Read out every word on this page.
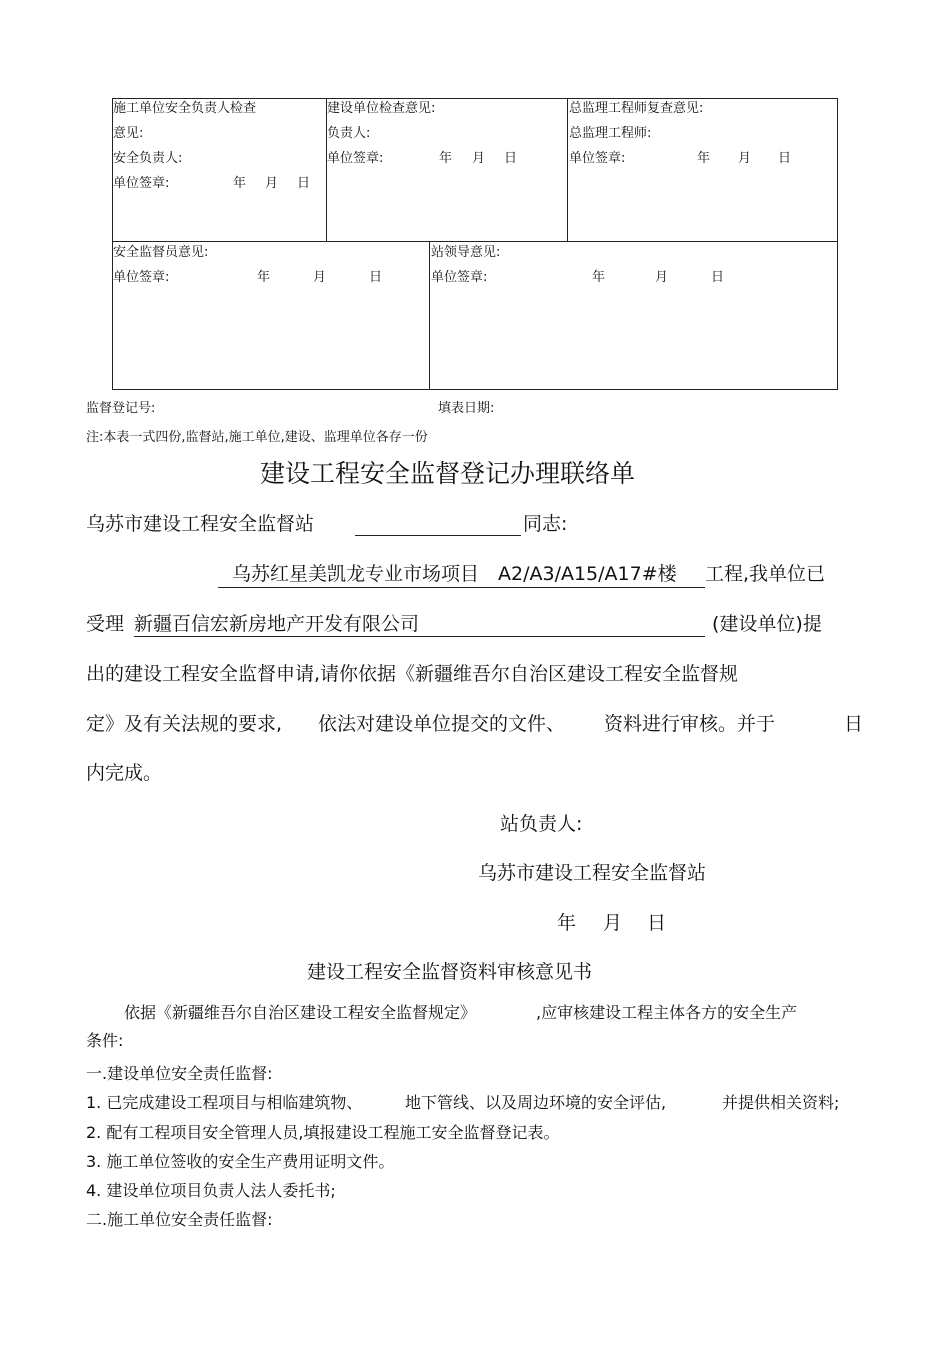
施工单位安全负责人检查
意见:
安全负责人:
单位签章:	年 月 日
建设单位检查意见:
负责人:
单位签章:	年 月 日
总监理工程师复查意见:
总监理工程师:
单位签章:	年 月 日
安全监督员意见:
单位签章:	年	月	日
站领导意见:
单位签章:	年	月	日
监督登记号:	填表日期:
注:本表一式四份,监督站,施工单位,建设、监理单位各存一份
建设工程安全监督登记办理联络单
乌苏市建设工程安全监督站	同志:
乌苏红星美凯龙专业市场项目　A2/A3/A15/A17#楼 工程,我单位已
受理 新疆百信宏新房地产开发有限公司	(建设单位)提
出的建设工程安全监督申请,请你依据《新疆维吾尔自治区建设工程安全监督规
定》及有关法规的要求, 依法对建设单位提交的文件、 资料进行审核。并于	日
内完成。
站负责人:
乌苏市建设工程安全监督站
年 月 日
建设工程安全监督资料审核意见书
依据《新疆维吾尔自治区建设工程安全监督规定》	,应审核建设工程主体各方的安全生产
条件:
一.建设单位安全责任监督:
1. 已完成建设工程项目与相临建筑物、	地下管线、以及周边环境的安全评估,	并提供相关资料;
2. 配有工程项目安全管理人员,填报建设工程施工安全监督登记表。
3. 施工单位签收的安全生产费用证明文件。
4. 建设单位项目负责人法人委托书;
二.施工单位安全责任监督:
